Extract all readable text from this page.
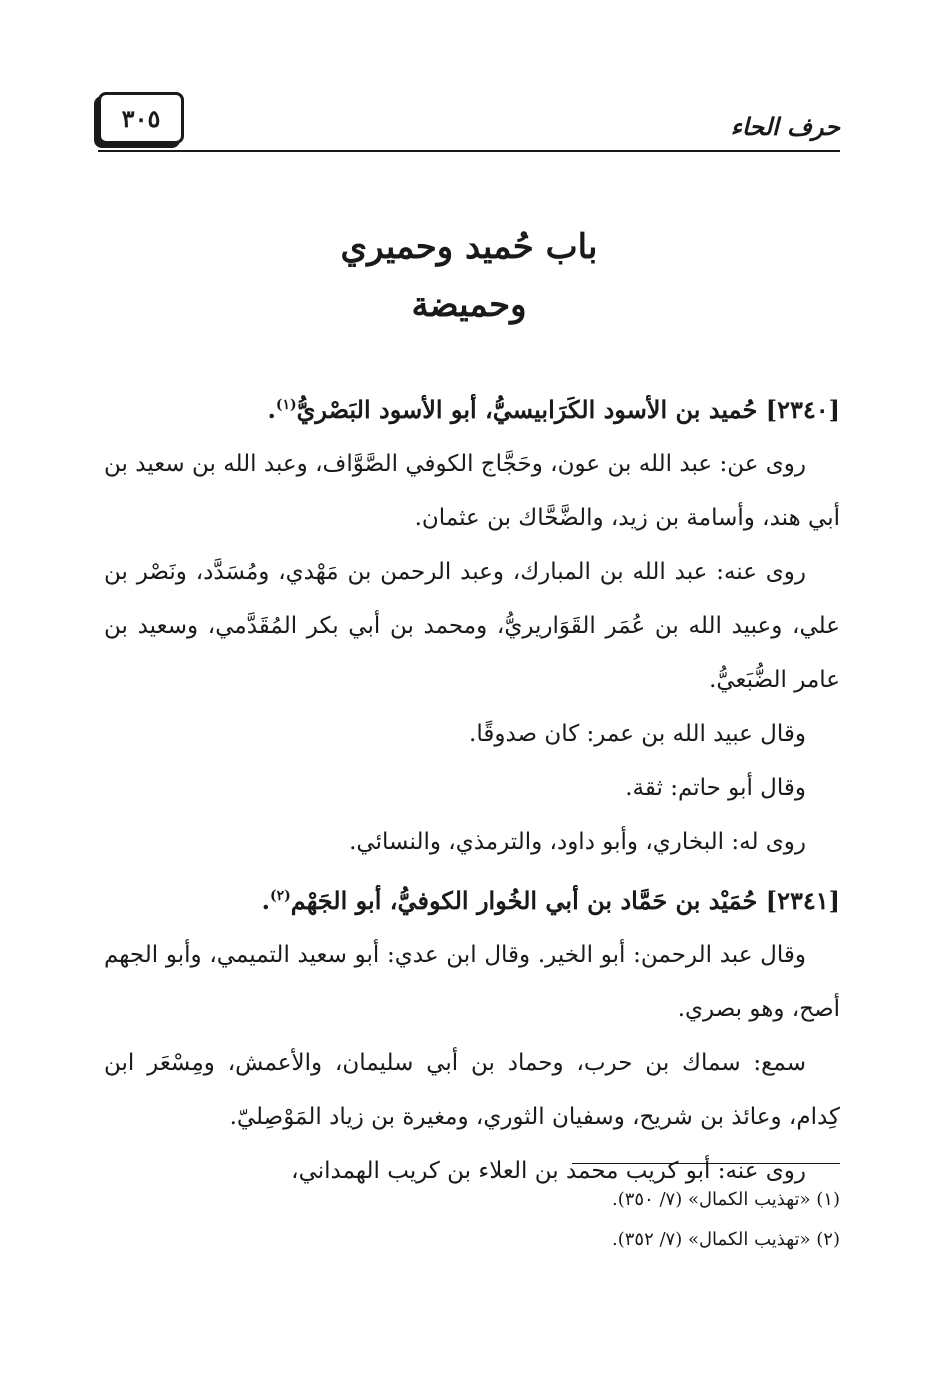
حرف الحاء
٣٠٥
باب حُميد وحميري
وحميضة

[٢٣٤٠] حُميد بن الأسود الكَرَابيسيُّ، أبو الأسود البَصْريُّ$^{(١)}$.

روى عن: عبد الله بن عون، وحَجَّاج الكوفي الصَّوَّاف، وعبد الله بن سعيد بن أبي هند، وأسامة بن زيد، والضَّحَّاك بن عثمان.

روى عنه: عبد الله بن المبارك، وعبد الرحمن بن مَهْدي، ومُسَدَّد، ونَصْر بن علي، وعبيد الله بن عُمَر القَوَاريريُّ، ومحمد بن أبي بكر المُقَدَّمي، وسعيد بن عامر الضُّبَعيُّ.

وقال عبيد الله بن عمر: كان صدوقًا.

وقال أبو حاتم: ثقة.

روى له: البخاري، وأبو داود، والترمذي، والنسائي.

[٢٣٤١] حُمَيْد بن حَمَّاد بن أبي الخُوار الكوفيُّ، أبو الجَهْم$^{(٢)}$.

وقال عبد الرحمن: أبو الخير. وقال ابن عدي: أبو سعيد التميمي، وأبو الجهم أصح، وهو بصري.

سمع: سماك بن حرب، وحماد بن أبي سليمان، والأعمش، ومِسْعَر ابن كِدام، وعائذ بن شريح، وسفيان الثوري، ومغيرة بن زياد المَوْصِليّ.

روى عنه: أبو كريب محمد بن العلاء بن كريب الهمداني،

(١) «تهذيب الكمال» (٧/ ٣٥٠).

(٢) «تهذيب الكمال» (٧/ ٣٥٢).
